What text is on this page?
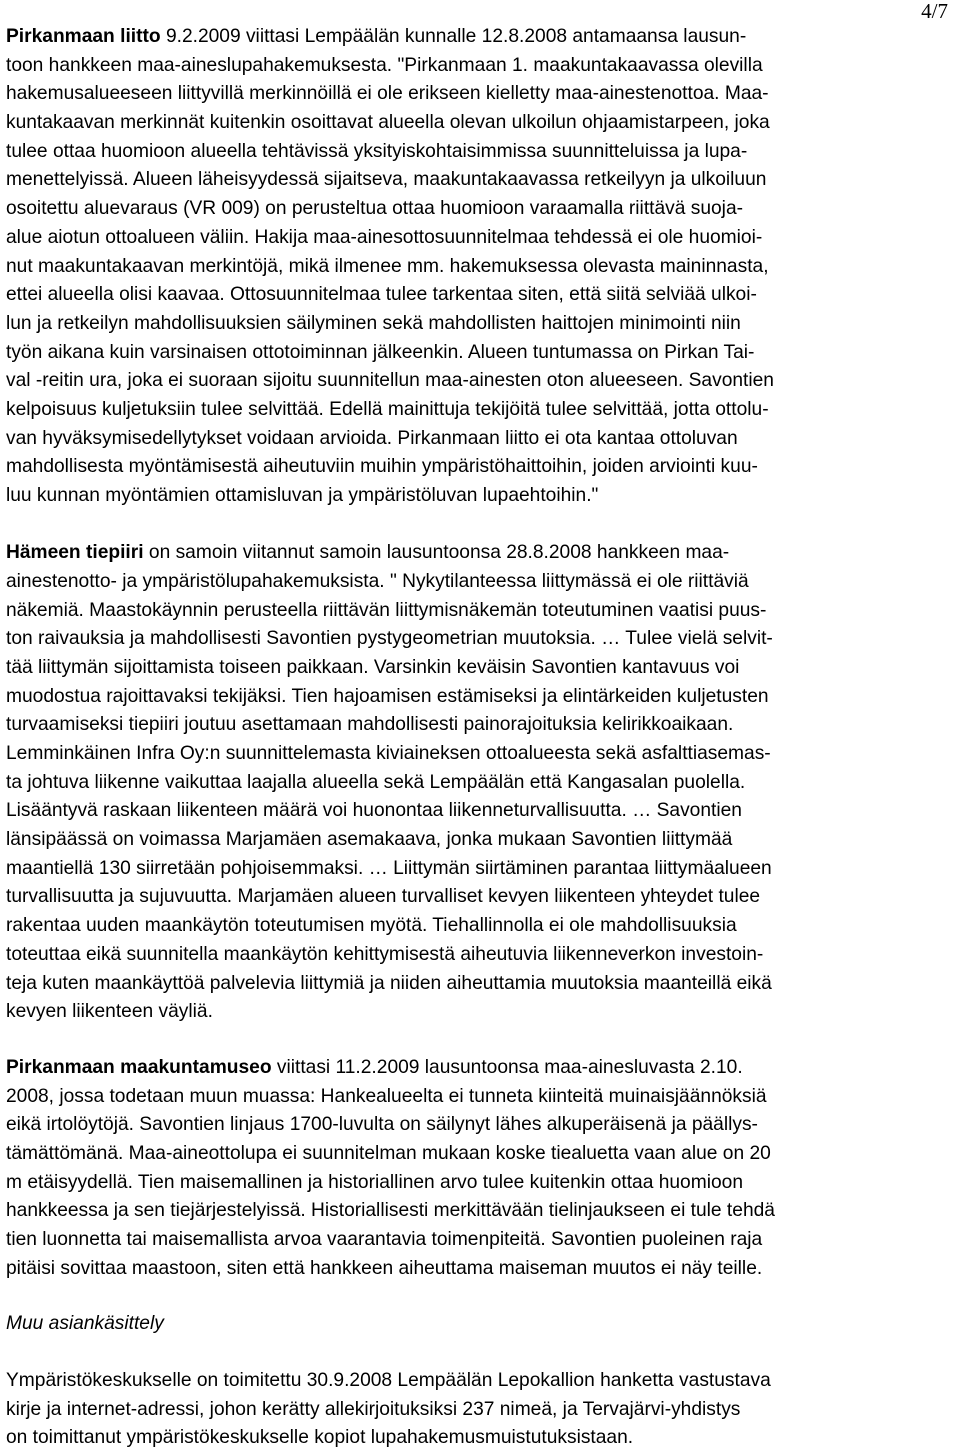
4/7
Pirkanmaan liitto 9.2.2009 viittasi Lempäälän kunnalle 12.8.2008 antamaansa lausun-
toon hankkeen maa-aineslupahakemuksesta. "Pirkanmaan 1. maakuntakaavassa olevilla
hakemusalueeseen liittyvillä merkinnöillä ei ole erikseen kielletty maa-ainestenottoa. Maa-
kuntakaavan merkinnät kuitenkin osoittavat alueella olevan ulkoilun ohjaamistarpeen, joka
tulee ottaa huomioon alueella tehtävissä yksityiskohtaisimmissa suunnitteluissa ja lupa-
menettelyissä. Alueen läheisyydessä sijaitseva, maakuntakaavassa retkeilyyn ja ulkoiluun
osoitettu aluevaraus (VR 009) on perusteltua ottaa huomioon varaamalla riittävä suoja-
alue aiotun ottoalueen väliin. Hakija maa-ainesottosuunnitelmaa tehdessä ei ole huomioi-
nut maakuntakaavan merkintöjä, mikä ilmenee mm. hakemuksessa olevasta maininnasta,
ettei alueella olisi kaavaa. Ottosuunnitelmaa tulee tarkentaa siten, että siitä selviää ulkoi-
lun ja retkeilyn mahdollisuuksien säilyminen sekä mahdollisten haittojen minimointi niin
työn aikana kuin varsinaisen ottotoiminnan jälkeenkin. Alueen tuntumassa on Pirkan Tai-
val -reitin ura, joka ei suoraan sijoitu suunnitellun maa-ainesten oton alueeseen. Savontien
kelpoisuus kuljetuksiin tulee selvittää. Edellä mainittuja tekijöitä tulee selvittää, jotta ottolu-
van hyväksymisedellytykset voidaan arvioida. Pirkanmaan liitto ei ota kantaa ottoluvan
mahdollisesta myöntämisestä aiheutuviin muihin ympäristöhaittoihin, joiden arviointi kuu-
luu kunnan myöntämien ottamisluvan ja ympäristöluvan lupaehtoihin."
Hämeen tiepiiri on samoin viitannut samoin lausuntoonsa 28.8.2008 hankkeen maa-
ainestenotto- ja ympäristölupahakemuksista. " Nykytilanteessa liittymässä ei ole riittäviä
näkemiä. Maastokäynnin perusteella riittävän liittymisnäkemän toteutuminen vaatisi puus-
ton raivauksia ja mahdollisesti Savontien pystygeometrian muutoksia. … Tulee vielä selvit-
tää liittymän sijoittamista toiseen paikkaan. Varsinkin keväisin Savontien kantavuus voi
muodostua rajoittavaksi tekijäksi. Tien hajoamisen estämiseksi ja elintärkeiden kuljetusten
turvaamiseksi tiepiiri joutuu asettamaan mahdollisesti painorajoituksia kelirikkoaikaan.
Lemminkäinen Infra Oy:n suunnittelemasta kiviaineksen ottoalueesta sekä asfalttiasemas-
ta johtuva liikenne vaikuttaa laajalla alueella sekä Lempäälän että Kangasalan puolella.
Lisääntyvä raskaan liikenteen määrä voi huonontaa liikenneturvallisuutta. … Savontien
länsipäässä on voimassa Marjamäen asemakaava, jonka mukaan Savontien liittymää
maantiellä 130 siirretään pohjoisemmaksi. … Liittymän siirtäminen parantaa liittymäalueen
turvallisuutta ja sujuvuutta. Marjamäen alueen turvalliset kevyen liikenteen yhteydet tulee
rakentaa uuden maankäytön toteutumisen myötä. Tiehallinnolla ei ole mahdollisuuksia
toteuttaa eikä suunnitella maankäytön kehittymisestä aiheutuvia liikenneverkon investoin-
teja kuten maankäyttöä palvelevia liittymiä ja niiden aiheuttamia muutoksia maanteillä eikä
kevyen liikenteen väyliä.
Pirkanmaan maakuntamuseo viittasi 11.2.2009 lausuntoonsa maa-aineslu​vasta 2.10.
2008, jossa todetaan muun muassa: Hankealueelta ei tunneta kiinteitä muinaisjäännöksiä
eikä irtolöytöjä. Savontien linjaus 1700-luvulta on säilynyt lähes alkuperäisenä ja päällys-
tämättömänä. Maa-aineottolupa ei suunnitelman mukaan koske tiealuetta vaan alue on 20
m etäisyydellä. Tien maisemallinen ja historiallinen arvo tulee kuitenkin ottaa huomioon
hankkeessa ja sen tiejärjestelyissä. Historiallisesti merkittävään tielinjaukseen ei tule tehdä
tien luonnetta tai maisemallista arvoa vaarantavia toimenpiteitä. Savontien puoleinen raja
pitäisi sovittaa maastoon, siten että hankkeen aiheuttama maiseman muutos ei näy teille.
Muu asiankäsittely
Ympäristökeskukselle on toimitettu 30.9.2008 Lempäälän Lepokallion hanketta vastustava
kirje ja internet-adressi, johon kerätty allekirjoituksiksi 237 nimeä, ja Tervajärvi-yhdistys
on toimittanut ympäristökeskukselle kopiot lupahakemusmuistutuksistaan.
